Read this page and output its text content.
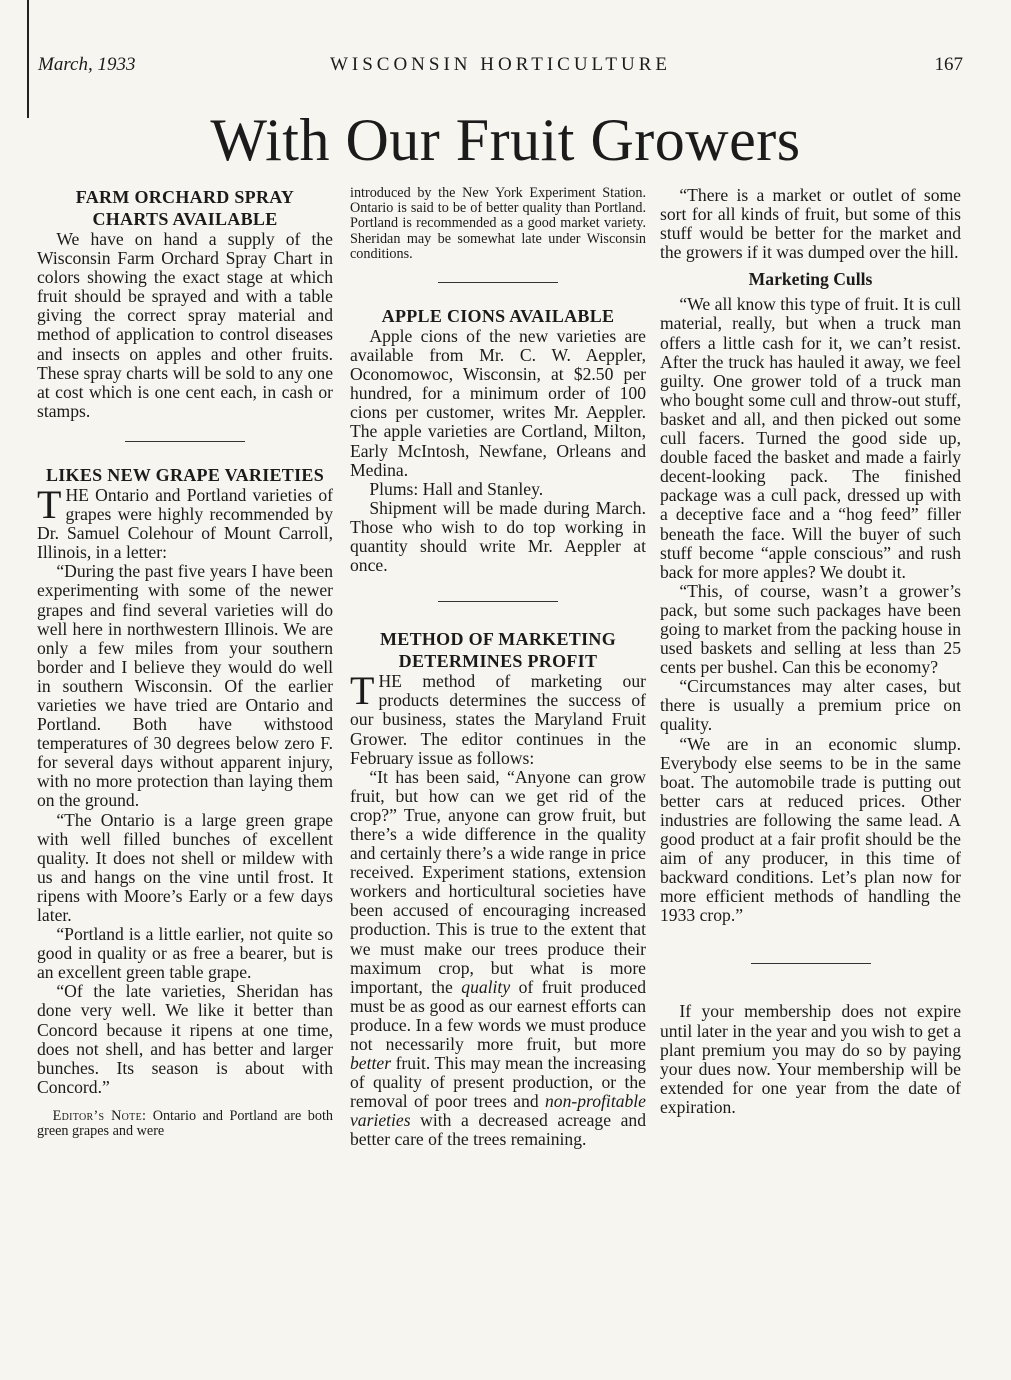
March, 1933	WISCONSIN HORTICULTURE	167
With Our Fruit Growers
FARM ORCHARD SPRAY CHARTS AVAILABLE

We have on hand a supply of the Wisconsin Farm Orchard Spray Chart in colors showing the exact stage at which fruit should be sprayed and with a table giving the correct spray material and method of application to control diseases and insects on apples and other fruits. These spray charts will be sold to any one at cost which is one cent each, in cash or stamps.

LIKES NEW GRAPE VARIETIES

THE Ontario and Portland varieties of grapes were highly recommended by Dr. Samuel Colehour of Mount Carroll, Illinois, in a letter:

“During the past five years I have been experimenting with some of the newer grapes and find several varieties will do well here in northwestern Illinois. We are only a few miles from your southern border and I believe they would do well in southern Wisconsin. Of the earlier varieties we have tried are Ontario and Portland. Both have withstood temperatures of 30 degrees below zero F. for several days without apparent injury, with no more protection than laying them on the ground.

“The Ontario is a large green grape with well filled bunches of excellent quality. It does not shell or mildew with us and hangs on the vine until frost. It ripens with Moore’s Early or a few days later.

“Portland is a little earlier, not quite so good in quality or as free a bearer, but is an excellent green table grape.

“Of the late varieties, Sheridan has done very well. We like it better than Concord because it ripens at one time, does not shell, and has better and larger bunches. Its season is about with Concord.”

Editor’s Note: Ontario and Portland are both green grapes and were

introduced by the New York Experiment Station. Ontario is said to be of better quality than Portland. Portland is recommended as a good market variety. Sheridan may be somewhat late under Wisconsin conditions.

APPLE CIONS AVAILABLE

Apple cions of the new varieties are available from Mr. C. W. Aeppler, Oconomowoc, Wisconsin, at $2.50 per hundred, for a minimum order of 100 cions per customer, writes Mr. Aeppler. The apple varieties are Cortland, Milton, Early McIntosh, Newfane, Orleans and Medina.

Plums: Hall and Stanley.

Shipment will be made during March. Those who wish to do top working in quantity should write Mr. Aeppler at once.

METHOD OF MARKETING DETERMINES PROFIT

THE method of marketing our products determines the success of our business, states the Maryland Fruit Grower. The editor continues in the February issue as follows:

“It has been said, “Anyone can grow fruit, but how can we get rid of the crop?” True, anyone can grow fruit, but there’s a wide difference in the quality and certainly there’s a wide range in price received. Experiment stations, extension workers and horticultural societies have been accused of encouraging increased production. This is true to the extent that we must make our trees produce their maximum crop, but what is more important, the quality of fruit produced must be as good as our earnest efforts can produce. In a few words we must produce not necessarily more fruit, but more better fruit. This may mean the increasing of quality of present production, or the removal of poor trees and non-profitable varieties with a decreased acreage and better care of the trees remaining.

“There is a market or outlet of some sort for all kinds of fruit, but some of this stuff would be better for the market and the growers if it was dumped over the hill.

Marketing Culls

“We all know this type of fruit. It is cull material, really, but when a truck man offers a little cash for it, we can’t resist. After the truck has hauled it away, we feel guilty. One grower told of a truck man who bought some cull and throw-out stuff, basket and all, and then picked out some cull facers. Turned the good side up, double faced the basket and made a fairly decent-looking pack. The finished package was a cull pack, dressed up with a deceptive face and a “hog feed” filler beneath the face. Will the buyer of such stuff become “apple conscious” and rush back for more apples? We doubt it.

“This, of course, wasn’t a grower’s pack, but some such packages have been going to market from the packing house in used baskets and selling at less than 25 cents per bushel. Can this be economy?

“Circumstances may alter cases, but there is usually a premium price on quality.

“We are in an economic slump. Everybody else seems to be in the same boat. The automobile trade is putting out better cars at reduced prices. Other industries are following the same lead. A good product at a fair profit should be the aim of any producer, in this time of backward conditions. Let’s plan now for more efficient methods of handling the 1933 crop.”

If your membership does not expire until later in the year and you wish to get a plant premium you may do so by paying your dues now. Your membership will be extended for one year from the date of expiration.
